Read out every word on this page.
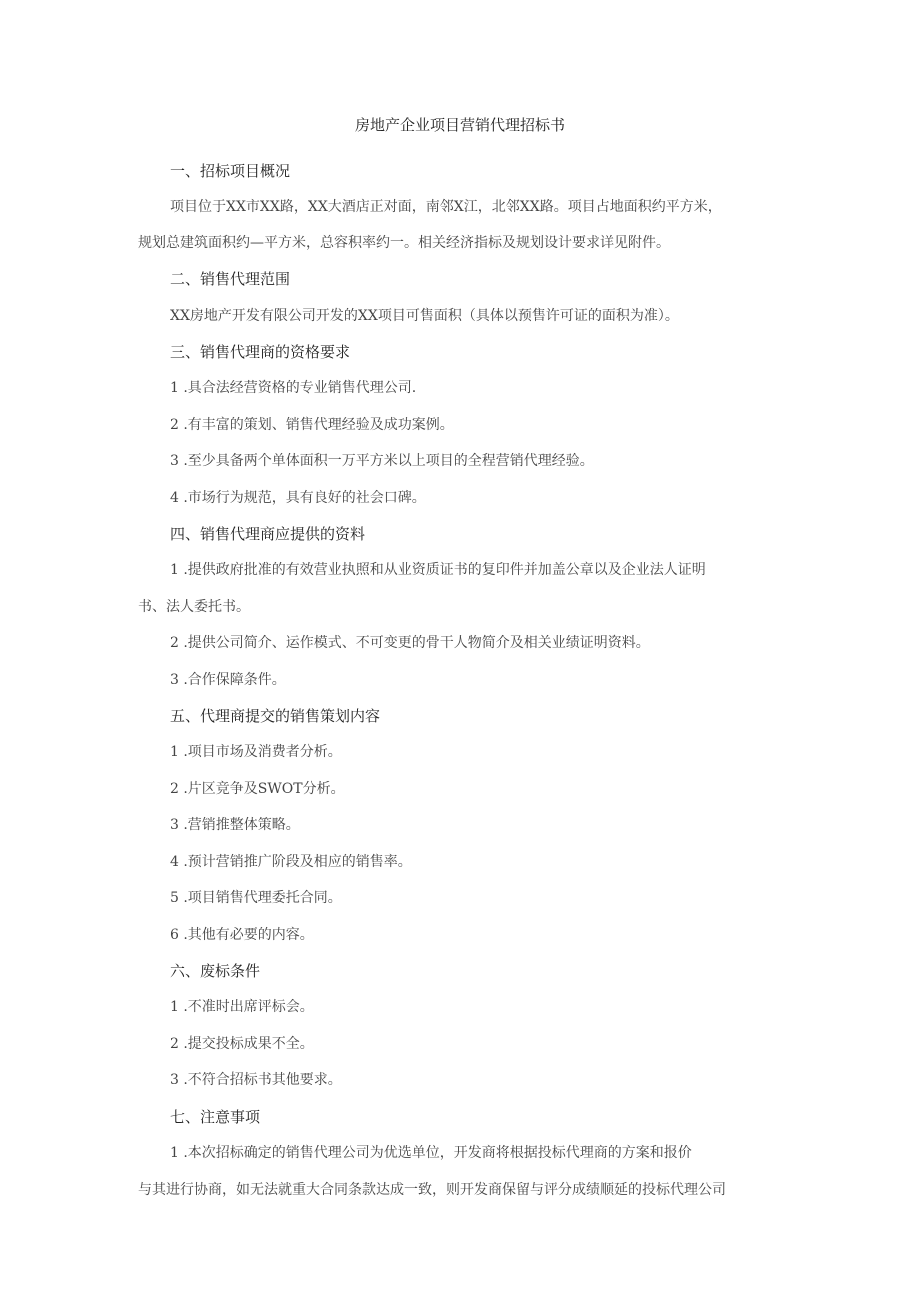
房地产企业项目营销代理招标书
一、招标项目概况
项目位于XX市XX路，XX大酒店正对面，南邻X江，北邻XX路。项目占地面积约平方米，
规划总建筑面积约—平方米，总容积率约一。相关经济指标及规划设计要求详见附件。
二、销售代理范围
XX房地产开发有限公司开发的XX项目可售面积（具体以预售许可证的面积为准）。
三、销售代理商的资格要求
1 .具合法经营资格的专业销售代理公司.
2 .有丰富的策划、销售代理经验及成功案例。
3 .至少具备两个单体面积一万平方米以上项目的全程营销代理经验。
4 .市场行为规范，具有良好的社会口碑。
四、销售代理商应提供的资料
1 .提供政府批准的有效营业执照和从业资质证书的复印件并加盖公章以及企业法人证明
书、法人委托书。
2 .提供公司简介、运作模式、不可变更的骨干人物简介及相关业绩证明资料。
3 .合作保障条件。
五、代理商提交的销售策划内容
1 .项目市场及消费者分析。
2 .片区竞争及SWOT分析。
3 .营销推整体策略。
4 .预计营销推广阶段及相应的销售率。
5 .项目销售代理委托合同。
6 .其他有必要的内容。
六、废标条件
1 .不准时出席评标会。
2 .提交投标成果不全。
3 .不符合招标书其他要求。
七、注意事项
1 .本次招标确定的销售代理公司为优选单位，开发商将根据投标代理商的方案和报价
与其进行协商，如无法就重大合同条款达成一致，则开发商保留与评分成绩顺延的投标代理公司
